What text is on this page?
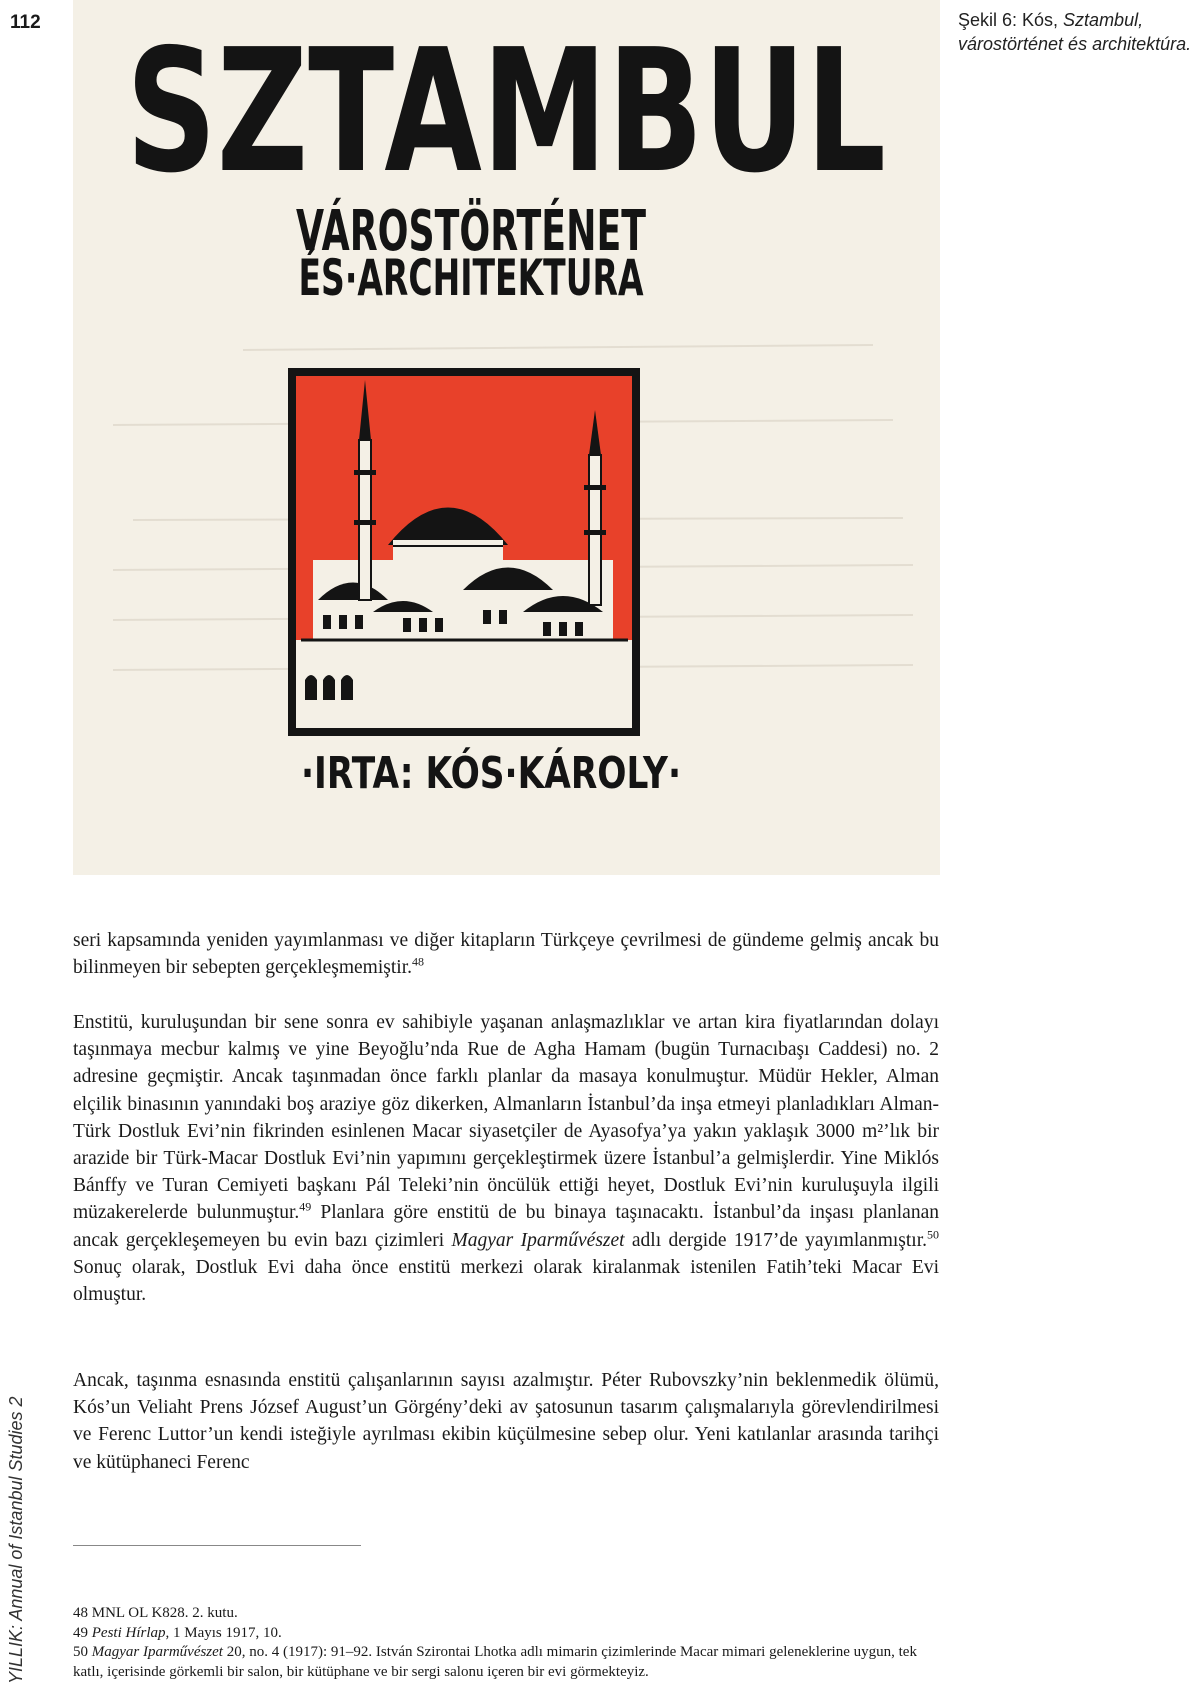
112	Şekil 6: Kós, Sztambul, várostörténet és architektúra.
SZTAMBUL
VÁROSTÖRTÉNET
ÉS·ARCHITEKTURA
·IRTA: KÓS·KÁROLY·
YILLIK: Annual of Istanbul Studies 2

seri kapsamında yeniden yayımlanması ve diğer kitapların Türkçeye çevrilmesi de gündeme gelmiş ancak bu bilinmeyen bir sebepten gerçekleşmemiştir.$^{48}$

Enstitü, kuruluşundan bir sene sonra ev sahibiyle yaşanan anlaşmazlıklar ve artan kira fiyatlarından dolayı taşınmaya mecbur kalmış ve yine Beyoğlu’nda Rue de Agha Hamam (bugün Turnacıbaşı Caddesi) no. 2 adresine geçmiştir. Ancak taşınmadan önce farklı planlar da masaya konulmuştur. Müdür Hekler, Alman elçilik binasının yanındaki boş araziye göz dikerken, Almanların İstanbul’da inşa etmeyi planladıkları Alman-Türk Dostluk Evi’nin fikrinden esinlenen Macar siyasetçiler de Ayasofya’ya yakın yaklaşık 3000 m²’lık bir arazide bir Türk-Macar Dostluk Evi’nin yapımını gerçekleştirmek üzere İstanbul’a gelmişlerdir. Yine Miklós Bánffy ve Turan Cemiyeti başkanı Pál Teleki’nin öncülük ettiği heyet, Dostluk Evi’nin kuruluşuyla ilgili müzakerelerde bulunmuştur.$^{49}$ Planlara göre enstitü de bu binaya taşınacaktı. İstanbul’da inşası planlanan ancak gerçekleşemeyen bu evin bazı çizimleri Magyar Iparművészet adlı dergide 1917’de yayımlanmıştır.$^{50}$ Sonuç olarak, Dostluk Evi daha önce enstitü merkezi olarak kiralanmak istenilen Fatih’teki Macar Evi olmuştur.

Ancak, taşınma esnasında enstitü çalışanlarının sayısı azalmıştır. Péter Rubovszky’nin beklenmedik ölümü, Kós’un Veliaht Prens József August’un Görgény’deki av şatosunun tasarım çalışmalarıyla görevlendirilmesi ve Ferenc Luttor’un kendi isteğiyle ayrılması ekibin küçülmesine sebep olur. Yeni katılanlar arasında tarihçi ve kütüphaneci Ferenc

48 MNL OL K828. 2. kutu.
49 Pesti Hírlap, 1 Mayıs 1917, 10.
50 Magyar Iparművészet 20, no. 4 (1917): 91–92. István Szirontai Lhotka adlı mimarin çizimlerinde Macar mimari geleneklerine uygun, tek katlı, içerisinde görkemli bir salon, bir kütüphane ve bir sergi salonu içeren bir evi görmekteyiz.
